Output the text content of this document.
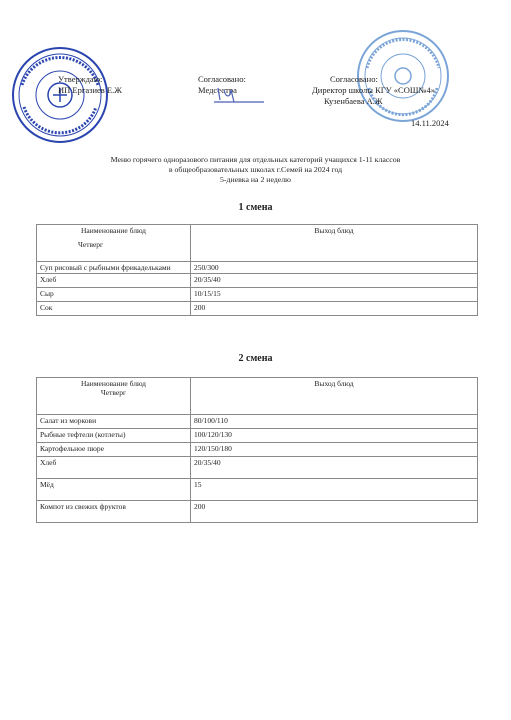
Утверждаю:
ИП Ергазиев Е.Ж
Согласовано:
Медсестра
Согласовано:
Директор школы КГУ «СОШ№4»
Кузенбаева А.Ж
14.11.2024
Меню горячего одноразового питания для отдельных категорий учащихся 1-11 классов
в общеобразовательных школах г.Семей на 2024 год
5-дневка на 2 неделю
1 смена
Наименование блюд
Четверг	Выход блюд
Суп рисовый с рыбными фрикадельками	250/300
Хлеб	20/35/40
Сыр	10/15/15
Сок	200
2 смена
Наименование блюд
Четверг	Выход блюд
Салат из моркови	80/100/110
Рыбные тефтели (котлеты)	100/120/130
Картофельное пюре	120/150/180
Хлеб	20/35/40
Мёд	15
Компот из свежих фруктов	200
